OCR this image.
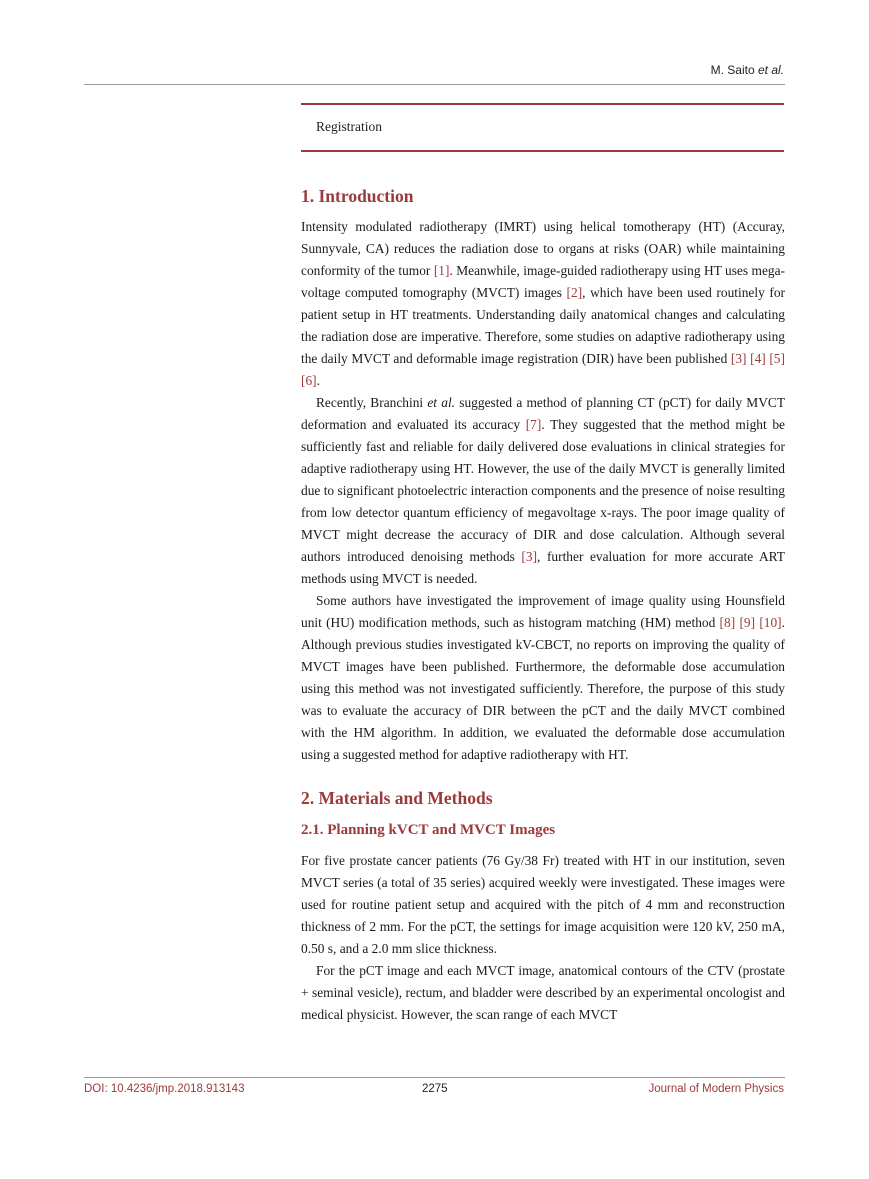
M. Saito et al.
Registration
1. Introduction

Intensity modulated radiotherapy (IMRT) using helical tomotherapy (HT) (Accuray, Sunnyvale, CA) reduces the radiation dose to organs at risks (OAR) while maintaining conformity of the tumor [1]. Meanwhile, image-guided radiotherapy using HT uses mega-voltage computed tomography (MVCT) images [2], which have been used routinely for patient setup in HT treatments. Understanding daily anatomical changes and calculating the radiation dose are imperative. Therefore, some studies on adaptive radiotherapy using the daily MVCT and deformable image registration (DIR) have been published [3] [4] [5] [6].

Recently, Branchini et al. suggested a method of planning CT (pCT) for daily MVCT deformation and evaluated its accuracy [7]. They suggested that the method might be sufficiently fast and reliable for daily delivered dose evaluations in clinical strategies for adaptive radiotherapy using HT. However, the use of the daily MVCT is generally limited due to significant photoelectric interaction components and the presence of noise resulting from low detector quantum efficiency of megavoltage x-rays. The poor image quality of MVCT might decrease the accuracy of DIR and dose calculation. Although several authors introduced denoising methods [3], further evaluation for more accurate ART methods using MVCT is needed.

Some authors have investigated the improvement of image quality using Hounsfield unit (HU) modification methods, such as histogram matching (HM) method [8] [9] [10]. Although previous studies investigated kV-CBCT, no reports on improving the quality of MVCT images have been published. Furthermore, the deformable dose accumulation using this method was not investigated sufficiently. Therefore, the purpose of this study was to evaluate the accuracy of DIR between the pCT and the daily MVCT combined with the HM algorithm. In addition, we evaluated the deformable dose accumulation using a suggested method for adaptive radiotherapy with HT.

2. Materials and Methods
2.1. Planning kVCT and MVCT Images

For five prostate cancer patients (76 Gy/38 Fr) treated with HT in our institution, seven MVCT series (a total of 35 series) acquired weekly were investigated. These images were used for routine patient setup and acquired with the pitch of 4 mm and reconstruction thickness of 2 mm. For the pCT, the settings for image acquisition were 120 kV, 250 mA, 0.50 s, and a 2.0 mm slice thickness.

For the pCT image and each MVCT image, anatomical contours of the CTV (prostate + seminal vesicle), rectum, and bladder were described by an experimental oncologist and medical physicist. However, the scan range of each MVCT

DOI: 10.4236/jmp.2018.913143	2275	Journal of Modern Physics
